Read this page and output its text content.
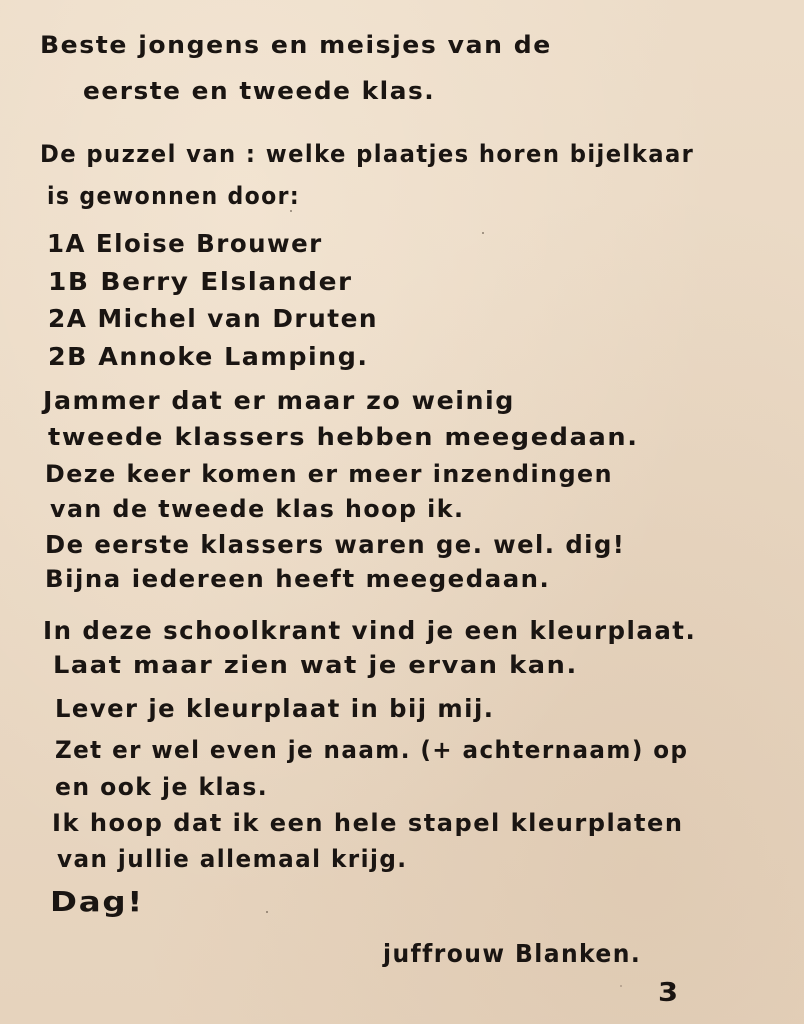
Beste jongens en meisjes van de
eerste en tweede klas.
De puzzel van : welke plaatjes horen bijelkaar
is gewonnen door:
1A Eloise Brouwer
1B Berry Elslander
2A Michel van Druten
2B Annoke Lamping.
Jammer dat er maar zo weinig
tweede klassers hebben meegedaan.
Deze keer komen er meer inzendingen
van de tweede klas hoop ik.
De eerste klassers waren ge. wel. dig!
Bijna iedereen heeft meegedaan.
In deze schoolkrant vind je een kleurplaat.
Laat maar zien wat je ervan kan.
Lever je kleurplaat in bij mij.
Zet er wel even je naam. (+ achternaam) op
en ook je klas.
Ik hoop dat ik een hele stapel kleurplaten
van jullie allemaal krijg.
Dag!
juffrouw Blanken.
3
